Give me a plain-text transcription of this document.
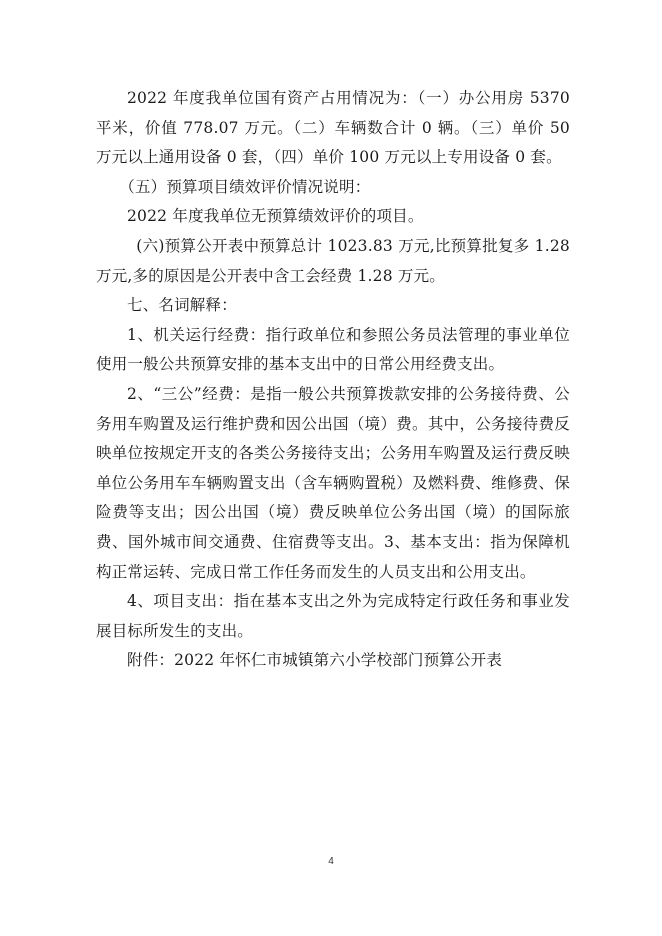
2022 年度我单位国有资产占用情况为：（一）办公用房 5370 平米，价值 778.07 万元。（二）车辆数合计 0 辆。（三）单价 50 万元以上通用设备 0 套，（四）单价 100 万元以上专用设备 0 套。

（五）预算项目绩效评价情况说明：

2022 年度我单位无预算绩效评价的项目。

(六)预算公开表中预算总计 1023.83 万元,比预算批复多 1.28 万元,多的原因是公开表中含工会经费 1.28 万元。

七、名词解释：

1、机关运行经费：指行政单位和参照公务员法管理的事业单位使用一般公共预算安排的基本支出中的日常公用经费支出。

2、“三公”经费：是指一般公共预算拨款安排的公务接待费、公务用车购置及运行维护费和因公出国（境）费。其中，公务接待费反映单位按规定开支的各类公务接待支出；公务用车购置及运行费反映单位公务用车车辆购置支出（含车辆购置税）及燃料费、维修费、保险费等支出；因公出国（境）费反映单位公务出国（境）的国际旅费、国外城市间交通费、住宿费等支出。3、基本支出：指为保障机构正常运转、完成日常工作任务而发生的人员支出和公用支出。

4、项目支出：指在基本支出之外为完成特定行政任务和事业发展目标所发生的支出。

附件：2022 年怀仁市城镇第六小学校部门预算公开表

4
